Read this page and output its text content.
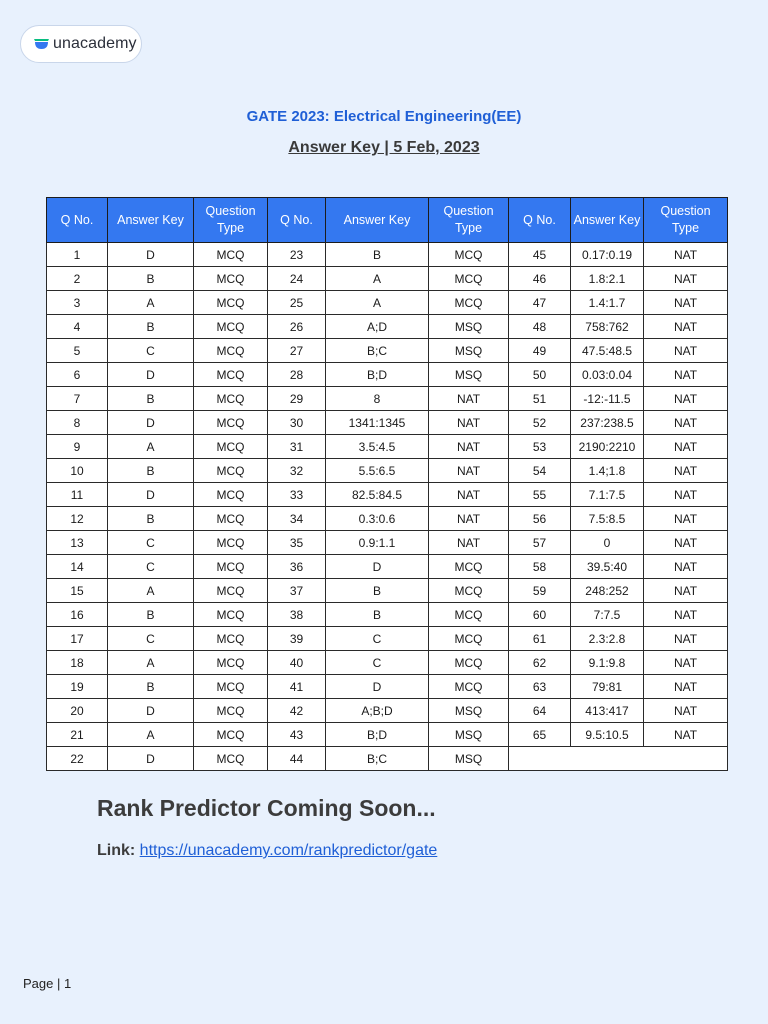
unacademy
GATE 2023: Electrical Engineering(EE)
Answer Key | 5 Feb, 2023
Q No.	Answer Key	Question Type	Q No.	Answer Key	Question Type	Q No.	Answer Key	Question Type
1	D	MCQ	23	B	MCQ	45	0.17:0.19	NAT
2	B	MCQ	24	A	MCQ	46	1.8:2.1	NAT
3	A	MCQ	25	A	MCQ	47	1.4:1.7	NAT
4	B	MCQ	26	A;D	MSQ	48	758:762	NAT
5	C	MCQ	27	B;C	MSQ	49	47.5:48.5	NAT
6	D	MCQ	28	B;D	MSQ	50	0.03:0.04	NAT
7	B	MCQ	29	8	NAT	51	-12:-11.5	NAT
8	D	MCQ	30	1341:1345	NAT	52	237:238.5	NAT
9	A	MCQ	31	3.5:4.5	NAT	53	2190:2210	NAT
10	B	MCQ	32	5.5:6.5	NAT	54	1.4;1.8	NAT
11	D	MCQ	33	82.5:84.5	NAT	55	7.1:7.5	NAT
12	B	MCQ	34	0.3:0.6	NAT	56	7.5:8.5	NAT
13	C	MCQ	35	0.9:1.1	NAT	57	0	NAT
14	C	MCQ	36	D	MCQ	58	39.5:40	NAT
15	A	MCQ	37	B	MCQ	59	248:252	NAT
16	B	MCQ	38	B	MCQ	60	7:7.5	NAT
17	C	MCQ	39	C	MCQ	61	2.3:2.8	NAT
18	A	MCQ	40	C	MCQ	62	9.1:9.8	NAT
19	B	MCQ	41	D	MCQ	63	79:81	NAT
20	D	MCQ	42	A;B;D	MSQ	64	413:417	NAT
21	A	MCQ	43	B;D	MSQ	65	9.5:10.5	NAT
22	D	MCQ	44	B;C	MSQ			
Rank Predictor Coming Soon...
Link: https://unacademy.com/rankpredictor/gate
Page | 1
